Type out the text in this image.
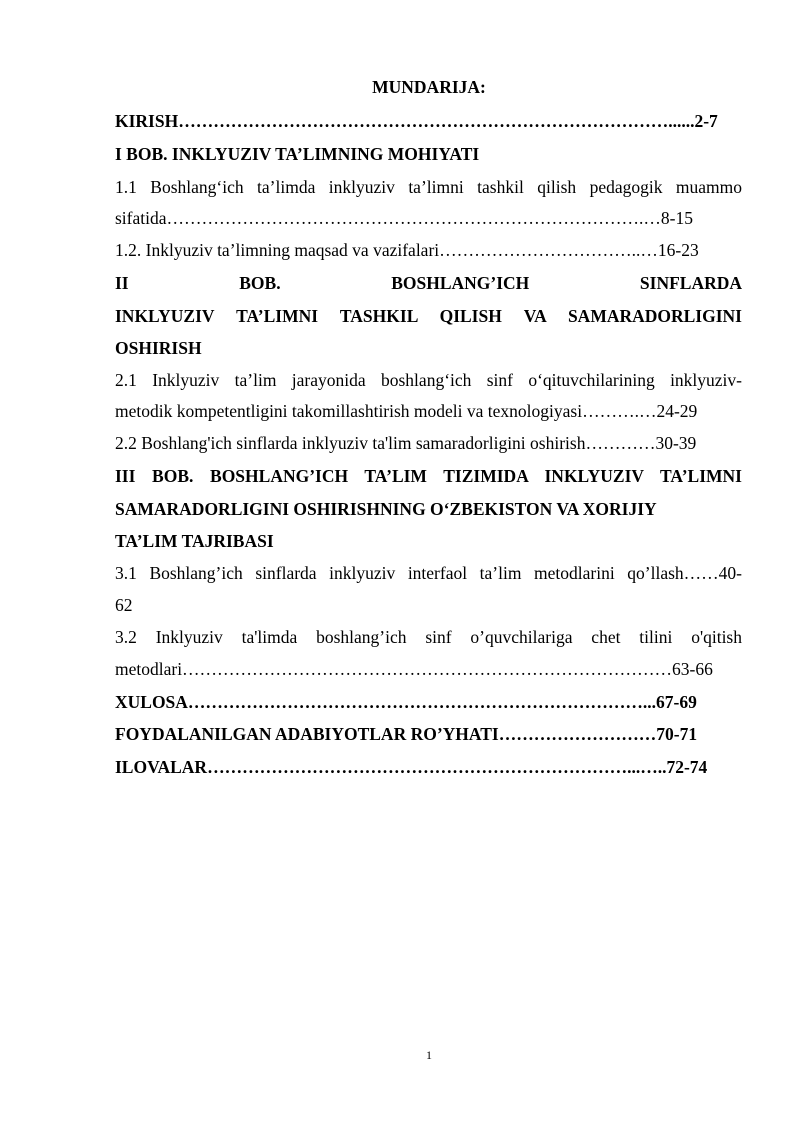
MUNDARIJA:
KIRISH…………………………………………………………………………......2-7
I BOB. INKLYUZIV TA’LIMNING MOHIYATI
1.1 Boshlang‘ich ta’limda inklyuziv ta’limni tashkil qilish pedagogik muammo
sifatida……………………………………………………………………….…8-15
1.2. Inklyuziv ta’limning maqsad va vazifalari……………………………..…16-23
II BOB. BOSHLANG’ICH SINFLARDA
INKLYUZIV TA’LIMNI TASHKIL QILISH VA SAMARADORLIGINI
OSHIRISH
2.1 Inklyuziv ta’lim jarayonida boshlang‘ich sinf o‘qituvchilarining inklyuziv-
metodik kompetentligini takomillashtirish modeli va texnologiyasi……….…24-29
2.2 Boshlang'ich sinflarda inklyuziv ta'lim samaradorligini oshirish…………30-39
III BOB. BOSHLANG’ICH TA’LIM TIZIMIDA INKLYUZIV TA’LIMNI
SAMARADORLIGINI OSHIRISHNING O‘ZBEKISTON VA XORIJIY
TA’LIM TAJRIBASI
3.1 Boshlang’ich sinflarda inklyuziv interfaol ta’lim metodlarini qo’llash……40-
62
3.2 Inklyuziv ta'limda boshlang’ich sinf o’quvchilariga chet tilini o'qitish
metodlari…………………………………………………………………………63-66
XULOSA……………………………………………………………………...67-69
FOYDALANILGAN ADABIYOTLAR RO’YHATI………………………70-71
ILOVALAR………………………………………………………………...…..72-74
1
